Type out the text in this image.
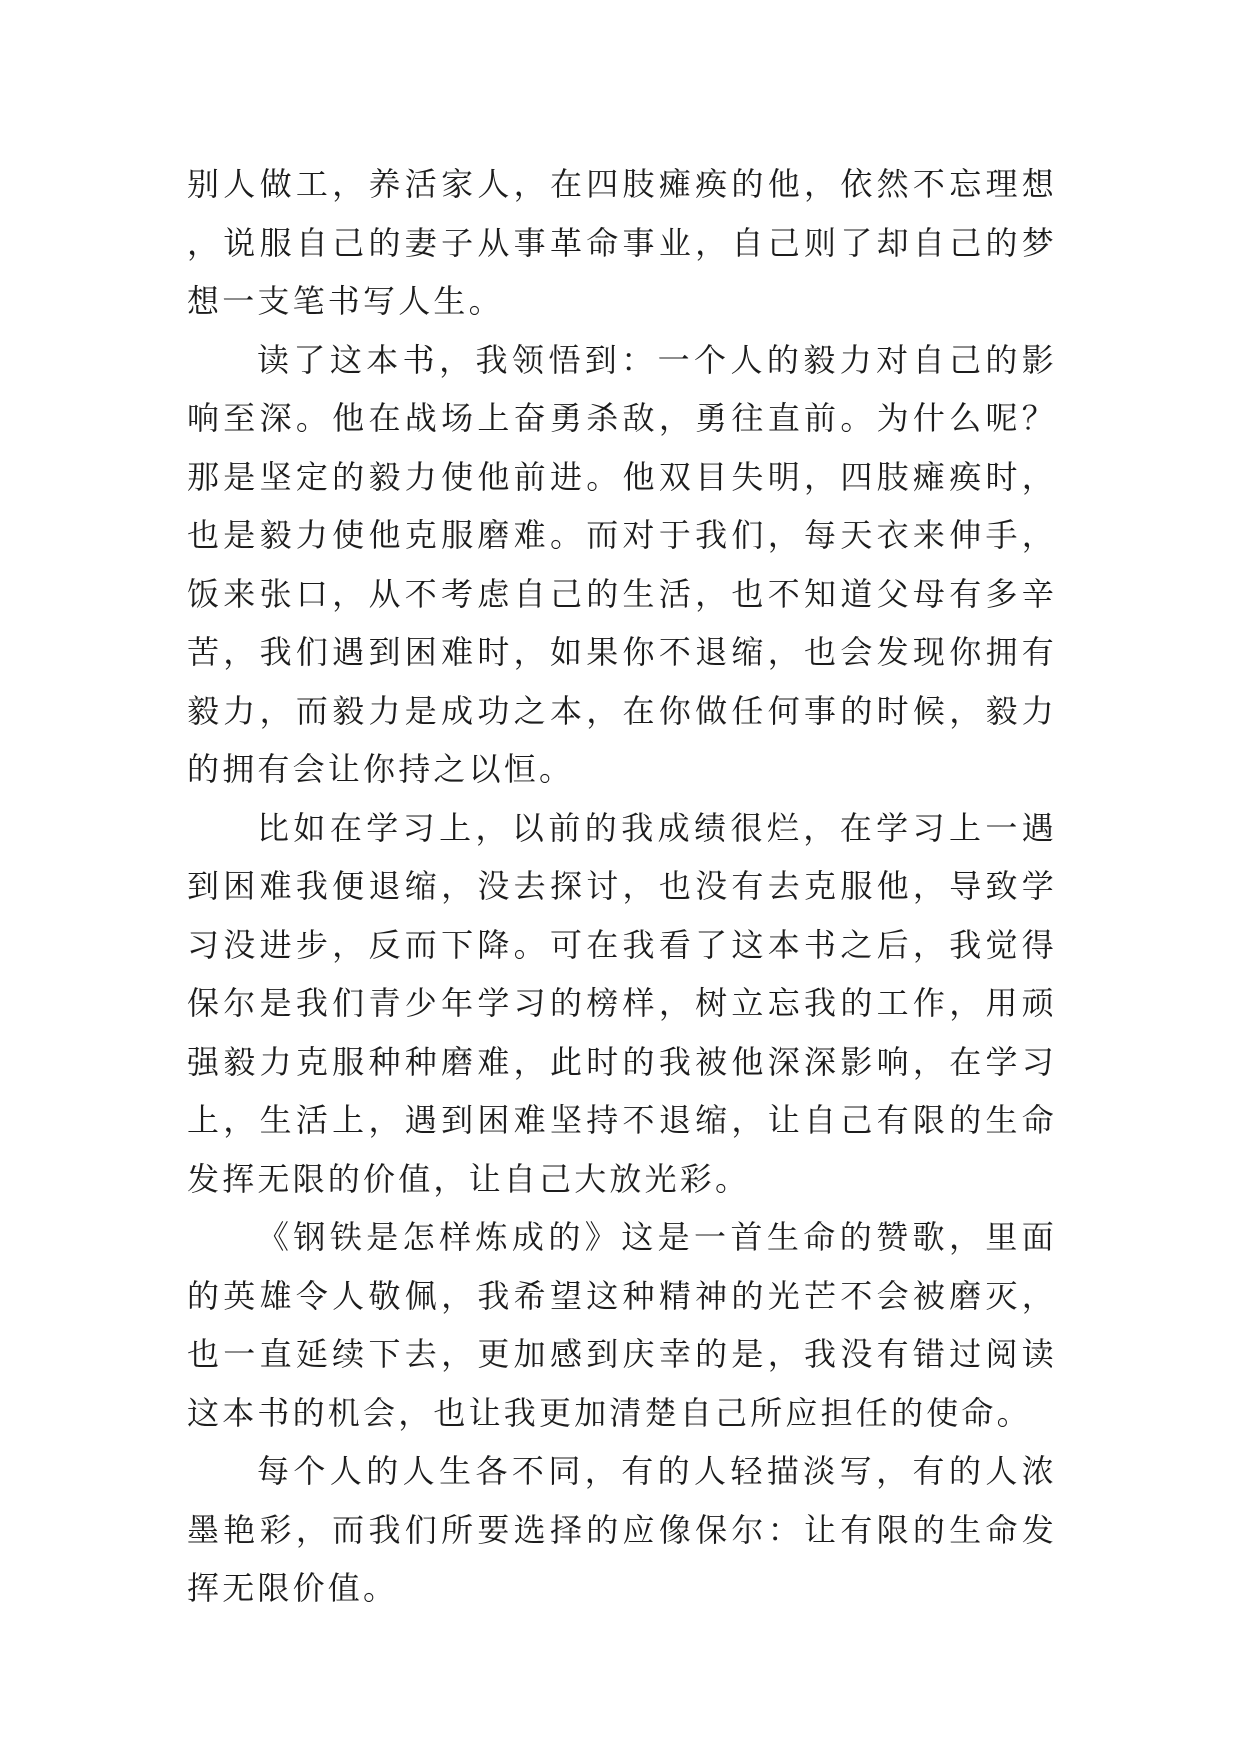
别人做工，养活家人，在四肢瘫痪的他，依然不忘理想，说服自己的妻子从事革命事业，自己则了却自己的梦想一支笔书写人生。

读了这本书，我领悟到：一个人的毅力对自己的影响至深。他在战场上奋勇杀敌，勇往直前。为什么呢？那是坚定的毅力使他前进。他双目失明，四肢瘫痪时，也是毅力使他克服磨难。而对于我们，每天衣来伸手，饭来张口，从不考虑自己的生活，也不知道父母有多辛苦，我们遇到困难时，如果你不退缩，也会发现你拥有毅力，而毅力是成功之本，在你做任何事的时候，毅力的拥有会让你持之以恒。

比如在学习上，以前的我成绩很烂，在学习上一遇到困难我便退缩，没去探讨，也没有去克服他，导致学习没进步，反而下降。可在我看了这本书之后，我觉得保尔是我们青少年学习的榜样，树立忘我的工作，用顽强毅力克服种种磨难，此时的我被他深深影响，在学习上，生活上，遇到困难坚持不退缩，让自己有限的生命发挥无限的价值，让自己大放光彩。

《钢铁是怎样炼成的》这是一首生命的赞歌，里面的英雄令人敬佩，我希望这种精神的光芒不会被磨灭，也一直延续下去，更加感到庆幸的是，我没有错过阅读这本书的机会，也让我更加清楚自己所应担任的使命。

每个人的人生各不同，有的人轻描淡写，有的人浓墨艳彩，而我们所要选择的应像保尔：让有限的生命发挥无限价值。
